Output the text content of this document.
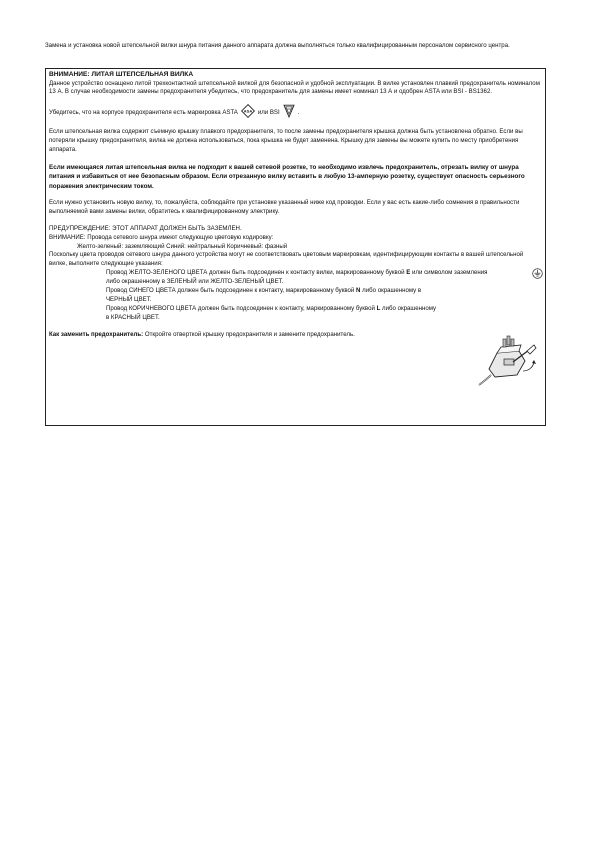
Замена и установка новой штепсельной вилки шнура питания данного аппарата должна выполняться только квалифицированным персоналом сервисного центра.

ВНИМАНИЕ: ЛИТАЯ ШТЕПСЕЛЬНАЯ ВИЛКА

Данное устройство оснащено литой трехконтактной штепсельной вилкой для безопасной и удобной эксплуатации. В вилке установлен плавкий предохранитель номиналом 13 А. В случае необходимости замены предохранителя убедитесь, что предохранитель для замены имеет номинал 13 А и одобрен ASTA или BSI - BS1362.

Убедитесь, что на корпусе предохранителя есть маркировка ASTA ASA или BSI	.

Если штепсельная вилка содержит съемную крышку плавкого предохранителя, то после замены предохранителя крышка должна быть установлена обратно. Если вы потеряли крышку предохранителя, вилка не должна использоваться, пока крышка не будет заменена. Крышку для замены вы можете купить по месту приобретения аппарата.

Если имеющаяся литая штепсельная вилка не подходит к вашей сетевой розетке, то необходимо извлечь предохранитель, отрезать вилку от шнура питания и избавиться от нее безопасным образом. Если отрезанную вилку вставить в любую 13-амперную розетку, существует опасность серьезного поражения электрическим током.

Если нужно установить новую вилку, то, пожалуйста, соблюдайте при установке указанный ниже код проводки. Если у вас есть какие-либо сомнения в правильности выполняемой вами замены вилки, обратитесь к квалифицированному электрику.

ПРЕДУПРЕЖДЕНИЕ: ЭТОТ АППАРАТ ДОЛЖЕН БЫТЬ ЗАЗЕМЛЕН.

ВНИМАНИЕ: Провода сетевого шнура имеют следующую цветовую кодировку:

Желто-зеленый: заземляющий Синий: нейтральный Коричневый: фазный

Поскольку цвета проводов сетевого шнура данного устройства могут не соответствовать цветовым маркировкам, идентифицирующим контакты в вашей штепсельной вилке, выполните следующие указания:

Провод ЖЕЛТО-ЗЕЛЕНОГО ЦВЕТА должен быть подсоединен к контакту вилки, маркированному буквой E или символом заземления

либо окрашенному в ЗЕЛЕНЫЙ или ЖЕЛТО-ЗЕЛЕНЫЙ ЦВЕТ.

Провод СИНЕГО ЦВЕТА должен быть подсоединен к контакту, маркированному буквой N либо окрашенному в

ЧЕРНЫЙ ЦВЕТ.

Провод КОРИЧНЕВОГО ЦВЕТА должен быть подсоединен к контакту, маркированному буквой L либо окрашенному

в КРАСНЫЙ ЦВЕТ.

Как заменить предохранитель: Откройте отверткой крышку предохранителя и замените предохранитель.
